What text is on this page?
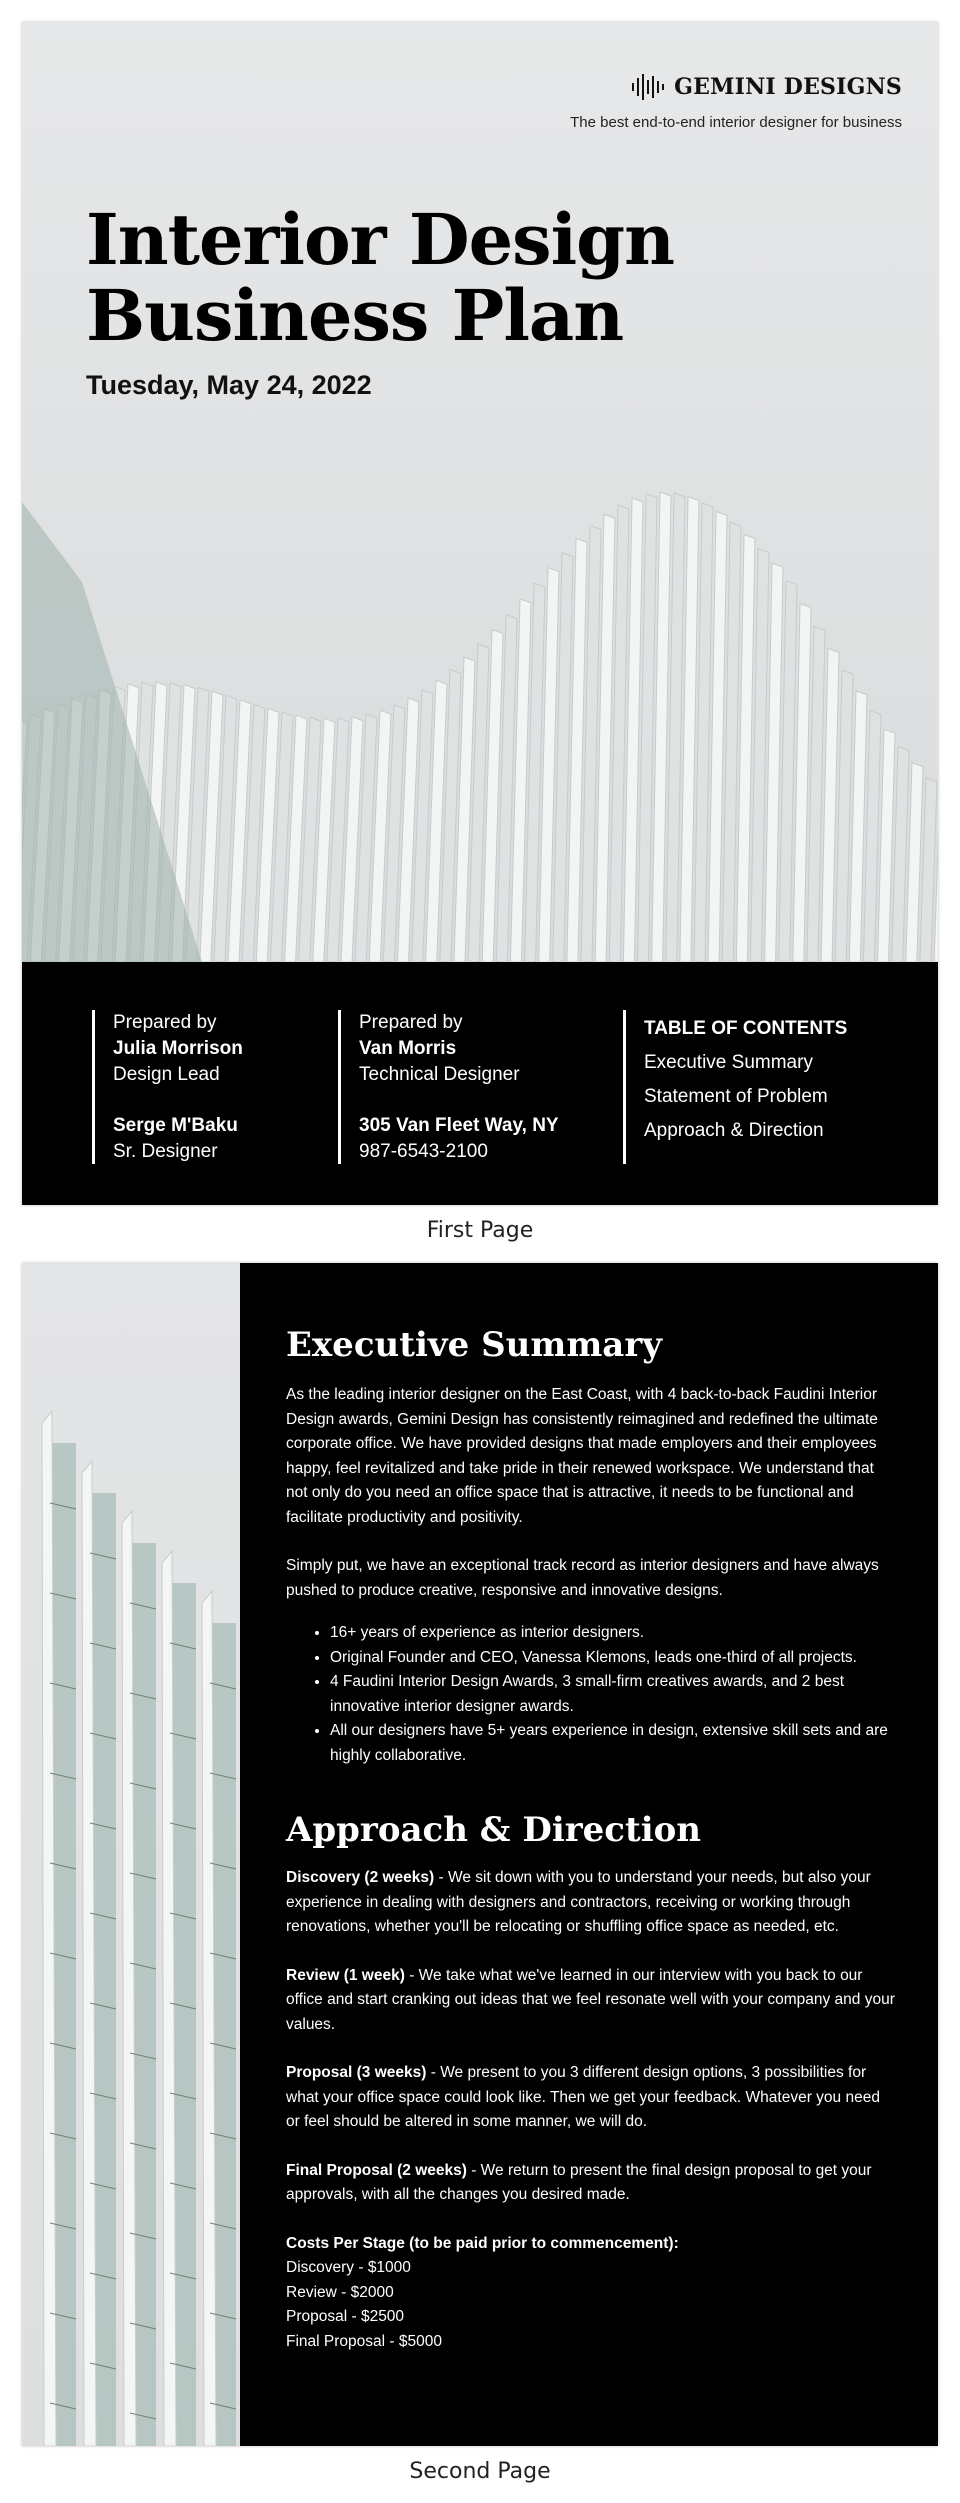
GEMINI DESIGNS
The best end-to-end interior designer for business
Interior Design
Business Plan
Tuesday, May 24, 2022
Prepared by
Julia Morrison
Design Lead
Serge M'Baku
Sr. Designer
Prepared by
Van Morris
Technical Designer
305 Van Fleet Way, NY
987-6543-2100
TABLE OF CONTENTS
Executive Summary
Statement of Problem
Approach & Direction
First Page
Executive Summary

As the leading interior designer on the East Coast, with 4 back-to-back Faudini Interior Design awards, Gemini Design has consistently reimagined and redefined the ultimate corporate office. We have provided designs that made employers and their employees happy, feel revitalized and take pride in their renewed workspace. We understand that not only do you need an office space that is attractive, it needs to be functional and facilitate productivity and positivity.

Simply put, we have an exceptional track record as interior designers and have always pushed to produce creative, responsive and innovative designs.

• 16+ years of experience as interior designers.
• Original Founder and CEO, Vanessa Klemons, leads one-third of all projects.
• 4 Faudini Interior Design Awards, 3 small-firm creatives awards, and 2 best innovative interior designer awards.
• All our designers have 5+ years experience in design, extensive skill sets and are highly collaborative.
Approach & Direction

Discovery (2 weeks) - We sit down with you to understand your needs, but also your experience in dealing with designers and contractors, receiving or working through renovations, whether you'll be relocating or shuffling office space as needed, etc.

Review (1 week) - We take what we've learned in our interview with you back to our office and start cranking out ideas that we feel resonate well with your company and your values.

Proposal (3 weeks) - We present to you 3 different design options, 3 possibilities for what your office space could look like. Then we get your feedback. Whatever you need or feel should be altered in some manner, we will do.

Final Proposal (2 weeks) - We return to present the final design proposal to get your approvals, with all the changes you desired made.

Costs Per Stage (to be paid prior to commencement):

Discovery - $1000

Review - $2000

Proposal - $2500

Final Proposal - $5000

Second Page
